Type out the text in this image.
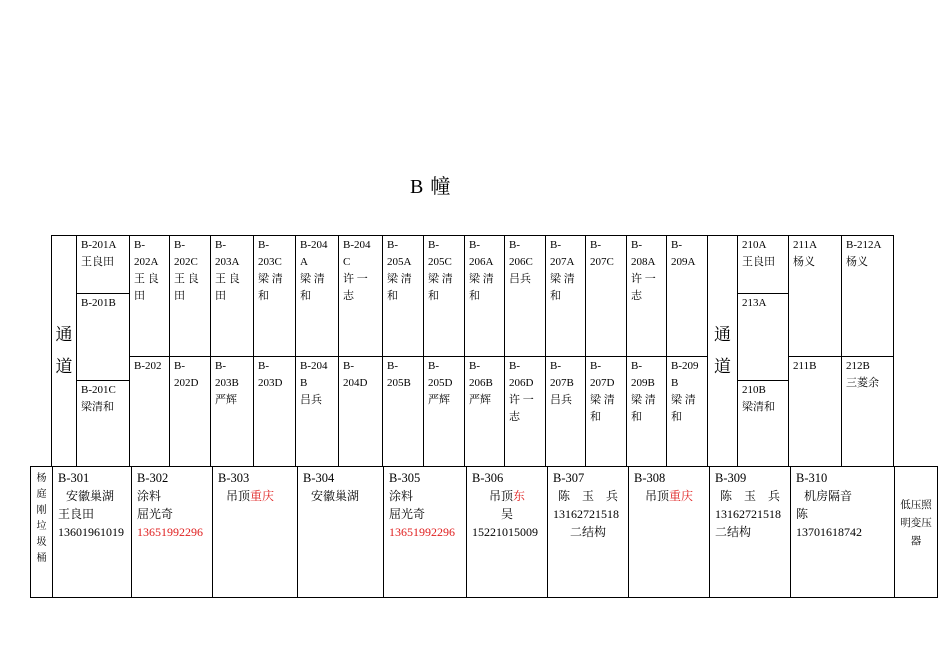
B 幢
通
道
B-201A
王良田
B-201B
B-201C
梁清和
B-
202A
王 良
田
B-202
B-
202C
王 良
田
B-
202D
B-
203A
王 良
田
B-
203B
严辉
B-
203C
梁 清
和
B-
203D
B-204
A
梁 清
和
B-204
B
吕兵
B-204
C
许 一
志
B-
204D
B-
205A
梁 清
和
B-
205B
B-
205C
梁 清
和
B-
205D
严辉
B-
206A
梁 清
和
B-
206B
严辉
B-
206C
吕兵
B-
206D
许 一
志
B-
207A
梁 清
和
B-
207B
吕兵
B-
207C
B-
207D
梁 清
和
B-
208A
许 一
志
B-
209B
梁 清
和
B-
209A
B-209
B
梁 清
和
通
道
210A
王良田
213A
210B
梁清和
211A
杨义
211B
B-212A
杨义
212B
三菱余
杨
庭
刚
垃
圾
桶
B-301
安徽巢湖
王良田
13601961019
B-302
涂料
屈光奇
13651992296
B-303
吊顶重庆
B-304
安徽巢湖
B-305
涂料
屈光奇
13651992296
B-306
吊顶东
吴
15221015009
B-307
陈　玉　兵
13162721518
二结构
B-308
吊顶重庆
B-309
陈　玉　兵
13162721518
二结构
B-310
机房隔音
陈
13701618742
低压照
明变压
器
